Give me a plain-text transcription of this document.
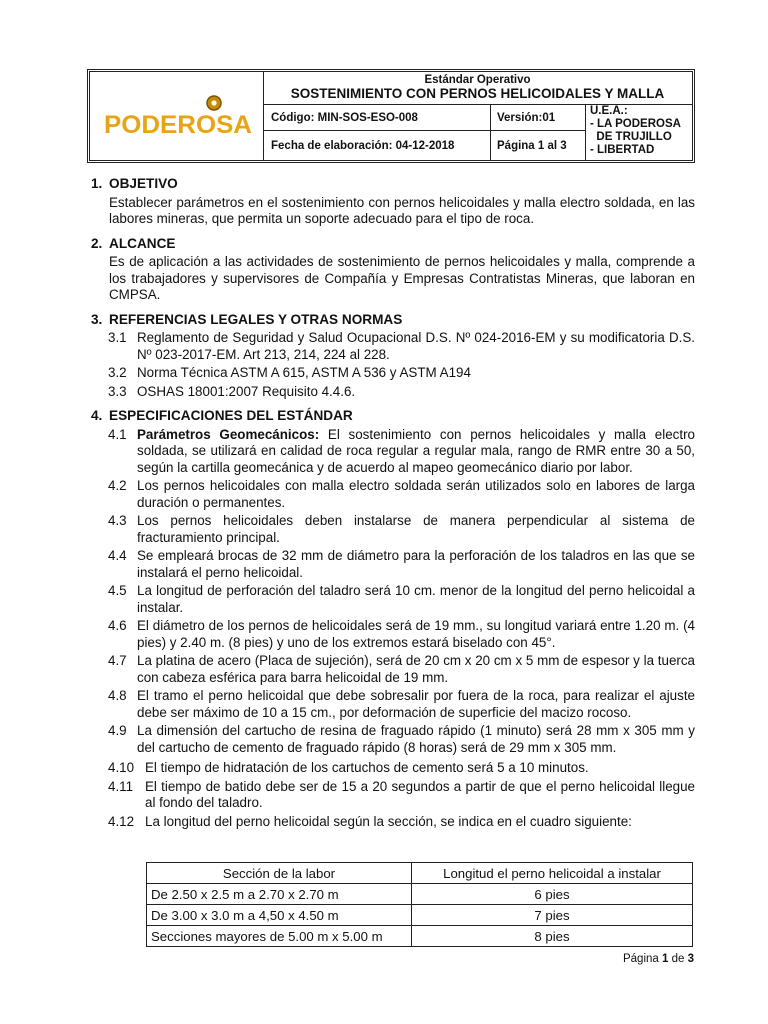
PODEROSA
Estándar Operativo
SOSTENIMIENTO CON PERNOS HELICOIDALES Y MALLA
Código: MIN-SOS-ESO-008	Versión:01
Fecha de elaboración: 04-12-2018	Página 1 al 3
U.E.A.:
- LA PODEROSA
DE TRUJILLO
- LIBERTAD

1. OBJETIVO

Establecer parámetros en el sostenimiento con pernos helicoidales y malla electro soldada, en las labores mineras, que permita un soporte adecuado para el tipo de roca.

2. ALCANCE

Es de aplicación a las actividades de sostenimiento de pernos helicoidales y malla, comprende a los trabajadores y supervisores de Compañía y Empresas Contratistas Mineras, que laboran en CMPSA.

3. REFERENCIAS LEGALES Y OTRAS NORMAS

3.1 Reglamento de Seguridad y Salud Ocupacional D.S. Nº 024-2016-EM y su modificatoria D.S. Nº 023-2017-EM. Art 213, 214, 224 al 228.
3.2 Norma Técnica ASTM A 615, ASTM A 536 y ASTM A194
3.3 OSHAS 18001:2007 Requisito 4.4.6.

4. ESPECIFICACIONES DEL ESTÁNDAR

4.1 Parámetros Geomecánicos: El sostenimiento con pernos helicoidales y malla electro soldada, se utilizará en calidad de roca regular a regular mala, rango de RMR entre 30 a 50, según la cartilla geomecánica y de acuerdo al mapeo geomecánico diario por labor.
4.2 Los pernos helicoidales con malla electro soldada serán utilizados solo en labores de larga duración o permanentes.
4.3 Los pernos helicoidales deben instalarse de manera perpendicular al sistema de fracturamiento principal.
4.4 Se empleará brocas de 32 mm de diámetro para la perforación de los taladros en las que se instalará el perno helicoidal.
4.5 La longitud de perforación del taladro será 10 cm. menor de la longitud del perno helicoidal a instalar.
4.6 El diámetro de los pernos de helicoidales será de 19 mm., su longitud variará entre 1.20 m. (4 pies) y 2.40 m. (8 pies) y uno de los extremos estará biselado con 45°.
4.7 La platina de acero (Placa de sujeción), será de 20 cm x 20 cm x 5 mm de espesor y la tuerca con cabeza esférica para barra helicoidal de 19 mm.
4.8 El tramo el perno helicoidal que debe sobresalir por fuera de la roca, para realizar el ajuste debe ser máximo de 10 a 15 cm., por deformación de superficie del macizo rocoso.
4.9 La dimensión del cartucho de resina de fraguado rápido (1 minuto) será 28 mm x 305 mm y del cartucho de cemento de fraguado rápido (8 horas) será de 29 mm x 305 mm.
4.10 El tiempo de hidratación de los cartuchos de cemento será 5 a 10 minutos.
4.11 El tiempo de batido debe ser de 15 a 20 segundos a partir de que el perno helicoidal llegue al fondo del taladro.
4.12 La longitud del perno helicoidal según la sección, se indica en el cuadro siguiente:
Sección de la labor	Longitud el perno helicoidal a instalar
De 2.50 x 2.5 m a 2.70 x 2.70 m	6 pies
De 3.00 x 3.0 m a 4,50 x 4.50 m	7 pies
Secciones mayores de 5.00 m x 5.00 m	8 pies
Página 1 de 3
